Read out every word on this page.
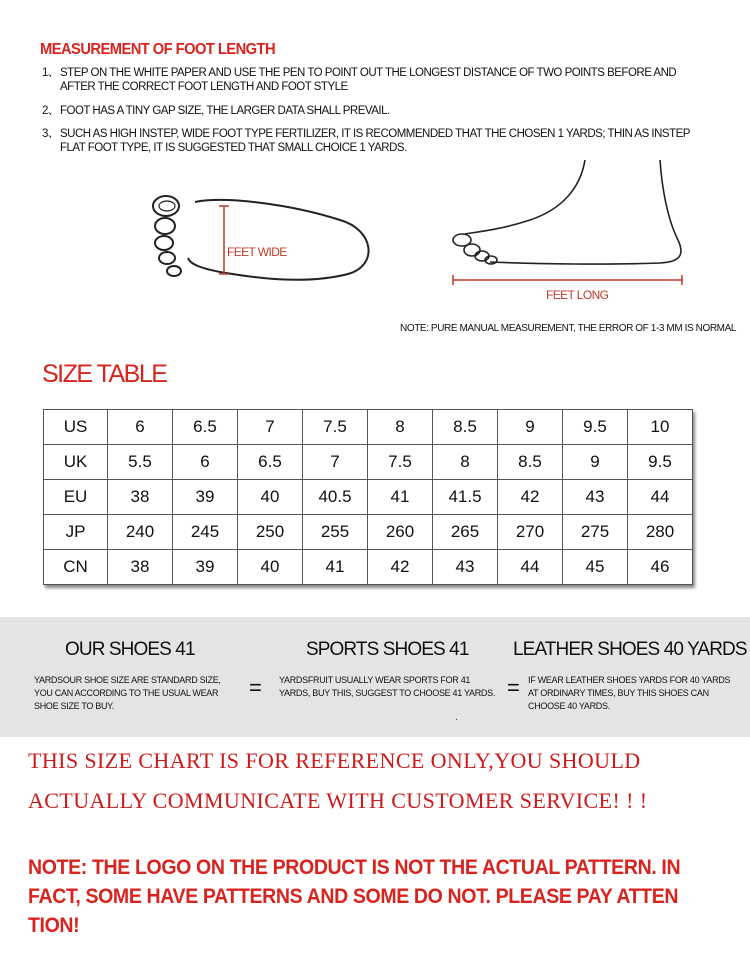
MEASUREMENT OF FOOT LENGTH
1、 STEP ON THE WHITE PAPER AND USE THE PEN TO POINT OUT THE LONGEST DISTANCE OF TWO POINTS BEFORE AND AFTER THE CORRECT FOOT LENGTH AND FOOT STYLE
2、 FOOT HAS A TINY GAP SIZE, THE LARGER DATA SHALL PREVAIL.
3、 SUCH AS HIGH INSTEP, WIDE FOOT TYPE FERTILIZER, IT IS RECOMMENDED THAT THE CHOSEN 1 YARDS; THIN AS INSTEP FLAT FOOT TYPE, IT IS SUGGESTED THAT SMALL CHOICE 1 YARDS.
FEET WIDE
FEET LONG
NOTE: PURE MANUAL MEASUREMENT, THE ERROR OF 1-3 MM IS NORMAL
SIZE TABLE
US	6	6.5	7	7.5	8	8.5	9	9.5	10
UK	5.5	6	6.5	7	7.5	8	8.5	9	9.5
EU	38	39	40	40.5	41	41.5	42	43	44
JP	240	245	250	255	260	265	270	275	280
CN	38	39	40	41	42	43	44	45	46
OUR SHOES 41
YARDSOUR SHOE SIZE ARE STANDARD SIZE, YOU CAN ACCORDING TO THE USUAL WEAR SHOE SIZE TO BUY.
=
SPORTS SHOES 41
YARDSFRUIT USUALLY WEAR SPORTS FOR 41 YARDS, BUY THIS, SUGGEST TO CHOOSE 41 YARDS.
.
=
LEATHER SHOES 40 YARDS
IF WEAR LEATHER SHOES YARDS FOR 40 YARDS AT ORDINARY TIMES, BUY THIS SHOES CAN CHOOSE 40 YARDS.
THIS SIZE CHART IS FOR REFERENCE ONLY,YOU SHOULD
ACTUALLY COMMUNICATE WITH CUSTOMER SERVICE! ! !
NOTE: THE LOGO ON THE PRODUCT IS NOT THE ACTUAL PATTERN. IN FACT, SOME HAVE PATTERNS AND SOME DO NOT. PLEASE PAY ATTEN TION!
